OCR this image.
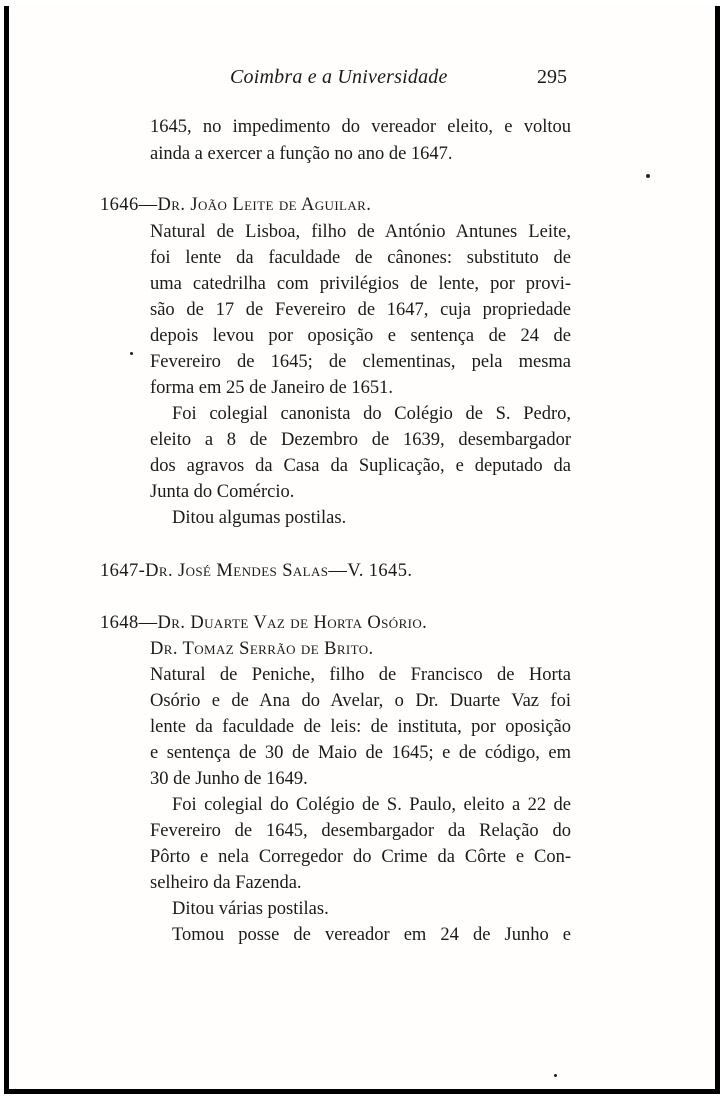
Coimbra e a Universidade	295
1645, no impedimento do vereador eleito, e voltou
ainda a exercer a função no ano de 1647.
1646—Dr. João Leite de Aguilar.
Natural de Lisboa, filho de António Antunes Leite,
foi lente da faculdade de cânones: substituto de
uma catedrilha com privilégios de lente, por provi-
são de 17 de Fevereiro de 1647, cuja propriedade
depois levou por oposição e sentença de 24 de
Fevereiro de 1645; de clementinas, pela mesma
forma em 25 de Janeiro de 1651.
Foi colegial canonista do Colégio de S. Pedro,
eleito a 8 de Dezembro de 1639, desembargador
dos agravos da Casa da Suplicação, e deputado da
Junta do Comércio.
Ditou algumas postilas.
1647-Dr. José Mendes Salas—V. 1645.
1648—Dr. Duarte Vaz de Horta Osório.
Dr. Tomaz Serrão de Brito.
Natural de Peniche, filho de Francisco de Horta
Osório e de Ana do Avelar, o Dr. Duarte Vaz foi
lente da faculdade de leis: de instituta, por oposição
e sentença de 30 de Maio de 1645; e de código, em
30 de Junho de 1649.
Foi colegial do Colégio de S. Paulo, eleito a 22 de
Fevereiro de 1645, desembargador da Relação do
Pôrto e nela Corregedor do Crime da Côrte e Con-
selheiro da Fazenda.
Ditou várias postilas.
Tomou posse de vereador em 24 de Junho e
